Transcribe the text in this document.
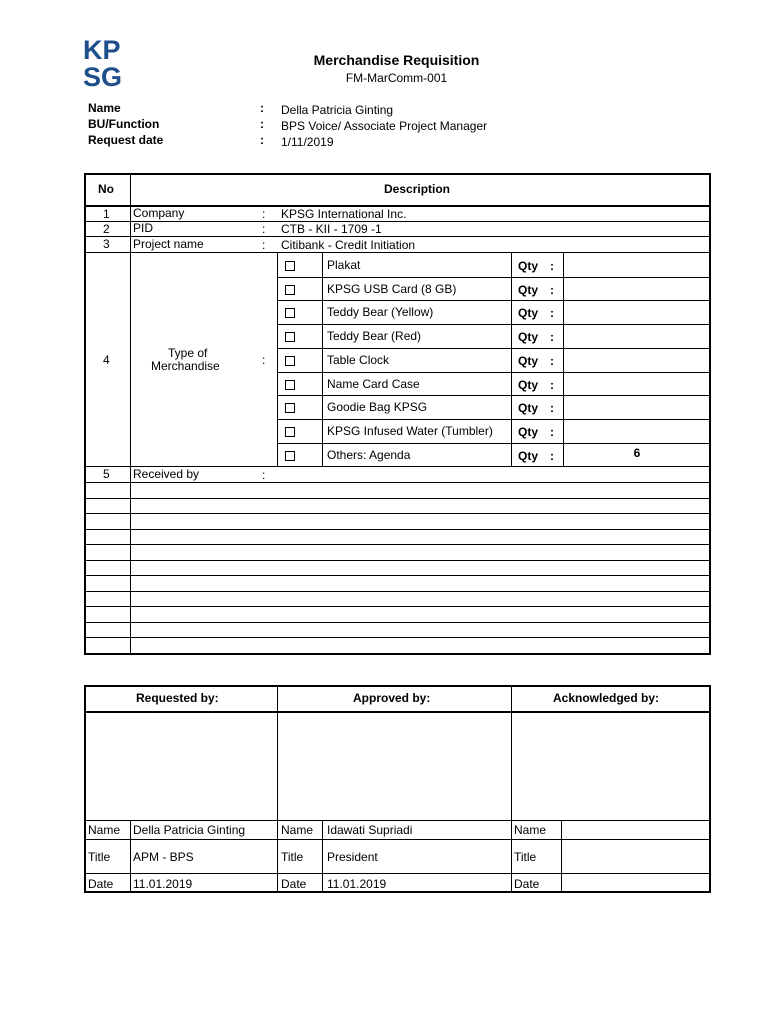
KP
SG
Merchandise Requisition
FM-MarComm-001
Name	: Della Patricia Ginting
BU/Function	: BPS Voice/ Associate Project Manager
Request date	: 1/11/2019
No	Description
1 Company	: KPSG International Inc.
2 PID	: CTB - KII - 1709 -1
3 Project name	: Citibank - Credit Initiation
4	Type of
Merchandise	:
Plakat	Qty :
KPSG USB Card (8 GB)	Qty :
Teddy Bear (Yellow)	Qty :
Teddy Bear (Red)	Qty :
Table Clock	Qty :
Name Card Case	Qty :
Goodie Bag KPSG	Qty :
KPSG Infused Water (Tumbler) Qty :
Others: Agenda	Qty :	6
5 Received by	:
Requested by:	Approved by:	Acknowledged by:
Name Della Patricia Ginting	Name Idawati Supriadi	Name
Title APM - BPS	Title President	Title
Date 11.01.2019	Date 11.01.2019	Date
